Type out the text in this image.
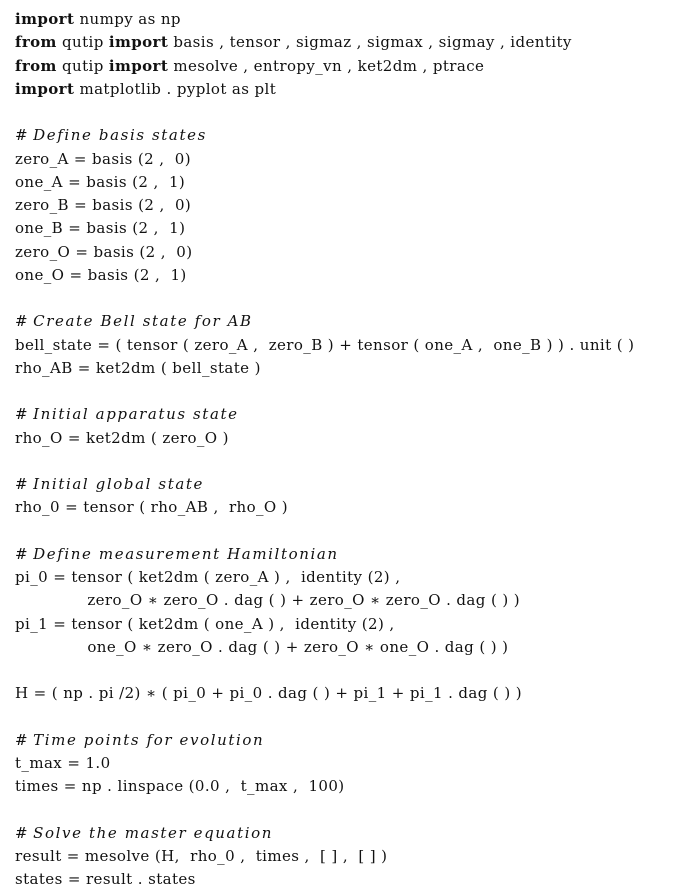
import numpy as np
from qutip import basis , tensor , sigmaz , sigmax , sigmay , identity
from qutip import mesolve , entropy_vn , ket2dm , ptrace
import matplotlib . pyplot as plt
# Define basis states
zero_A = basis (2 ,  0)
one_A = basis (2 ,  1)
zero_B = basis (2 ,  0)
one_B = basis (2 ,  1)
zero_O = basis (2 ,  0)
one_O = basis (2 ,  1)
# Create Bell state for AB
bell_state = ( tensor ( zero_A ,  zero_B ) + tensor ( one_A ,  one_B ) ) . unit ( )
rho_AB = ket2dm ( bell_state )
# Initial apparatus state
rho_O = ket2dm ( zero_O )
# Initial global state
rho_0 = tensor ( rho_AB ,  rho_O )
# Define measurement Hamiltonian
pi_0 = tensor ( ket2dm ( zero_A ) ,  identity (2) ,
zero_O ∗ zero_O . dag ( ) + zero_O ∗ zero_O . dag ( ) )
pi_1 = tensor ( ket2dm ( one_A ) ,  identity (2) ,
one_O ∗ zero_O . dag ( ) + zero_O ∗ one_O . dag ( ) )
H = ( np . pi /2) ∗ ( pi_0 + pi_0 . dag ( ) + pi_1 + pi_1 . dag ( ) )
# Time points for evolution
t_max = 1.0
times = np . linspace (0.0 ,  t_max ,  100)
# Solve the master equation
result = mesolve (H,  rho_0 ,  times ,  [ ] ,  [ ] )
states = result . states
